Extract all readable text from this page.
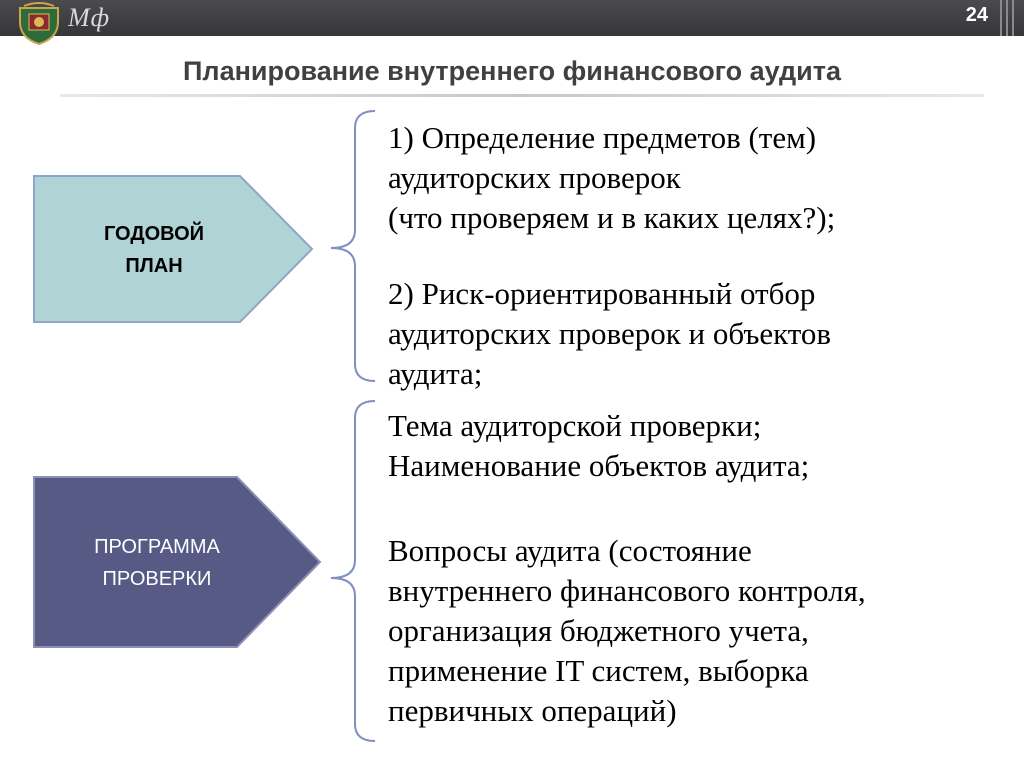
Мф	24
Планирование внутреннего финансового аудита
ГОДОВОЙ
ПЛАН
ПРОГРАММА
ПРОВЕРКИ

1) Определение предметов (тем)
аудиторских проверок
(что проверяем и в каких целях?);

2) Риск-ориентированный отбор
аудиторских проверок и объектов
аудита;

Тема аудиторской проверки;
Наименование объектов аудита;

Вопросы аудита (состояние
внутреннего финансового контроля,
организация бюджетного учета,
применение IT систем, выборка
первичных операций)
